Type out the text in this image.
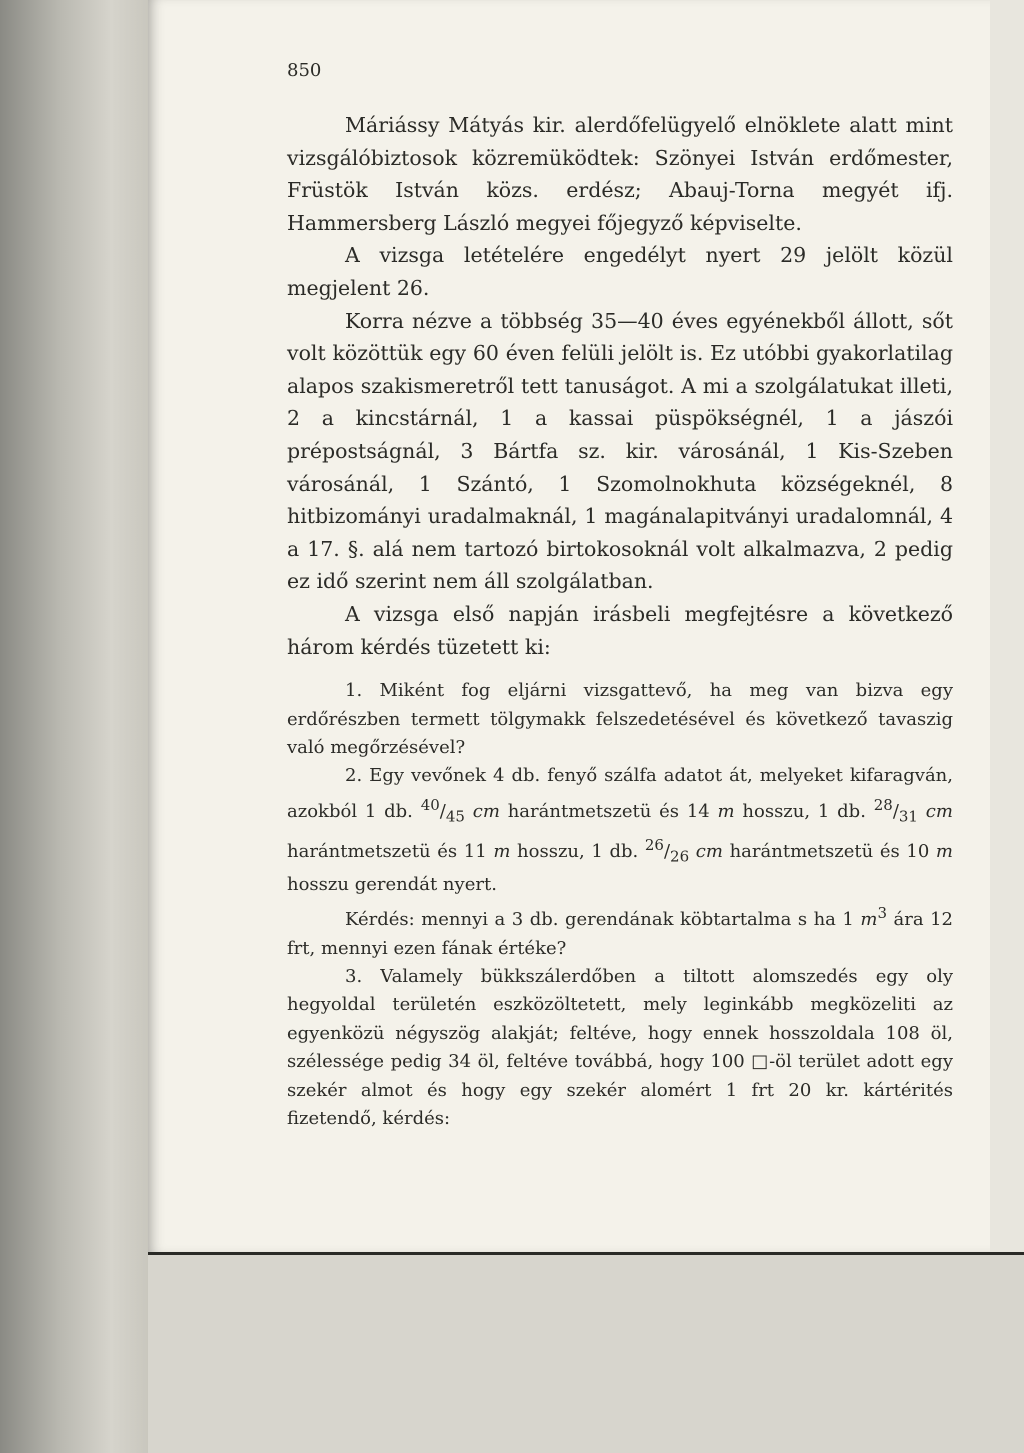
850

Máriássy Mátyás kir. alerdőfelügyelő elnöklete alatt mint vizsgálóbiztosok közremüködtek: Szönyei István erdőmester, Früstök István közs. erdész; Abauj-Torna megyét ifj. Hammersberg László megyei főjegyző képviselte.

A vizsga letételére engedélyt nyert 29 jelölt közül megjelent 26.

Korra nézve a többség 35—40 éves egyénekből állott, sőt volt közöttük egy 60 éven felüli jelölt is. Ez utóbbi gyakorlatilag alapos szakismeretről tett tanuságot. A mi a szolgálatukat illeti, 2 a kincstárnál, 1 a kassai püspökségnél, 1 a jászói prépostságnál, 3 Bártfa sz. kir. városánál, 1 Kis-Szeben városánál, 1 Szántó, 1 Szomolnokhuta községeknél, 8 hitbizományi uradalmaknál, 1 magánalapitványi uradalomnál, 4 a 17. §. alá nem tartozó birtokosoknál volt alkalmazva, 2 pedig ez idő szerint nem áll szolgálatban.

A vizsga első napján irásbeli megfejtésre a következő három kérdés tüzetett ki:

1. Miként fog eljárni vizsgattevő, ha meg van bizva egy erdőrészben termett tölgymakk felszedetésével és következő tavaszig való megőrzésével?

2. Egy vevőnek 4 db. fenyő szálfa adatot át, melyeket kifaragván, azokból 1 db. $^{40}/_{45}$ cm harántmetszetü és 14 m hosszu, 1 db. $^{28}/_{31}$ cm harántmetszetü és 11 m hosszu, 1 db. $^{26}/_{26}$ cm harántmetszetü és 10 m hosszu gerendát nyert.

Kérdés: mennyi a 3 db. gerendának köbtartalma s ha 1 $m^3$ ára 12 frt, mennyi ezen fának értéke?

3. Valamely bükkszálerdőben a tiltott alomszedés egy oly hegyoldal területén eszközöltetett, mely leginkább megközeliti az egyenközü négyszög alakját; feltéve, hogy ennek hosszoldala 108 öl, szélessége pedig 34 öl, feltéve továbbá, hogy 100 □-öl terület adott egy szekér almot és hogy egy szekér alomért 1 frt 20 kr. kártérités fizetendő, kérdés:
